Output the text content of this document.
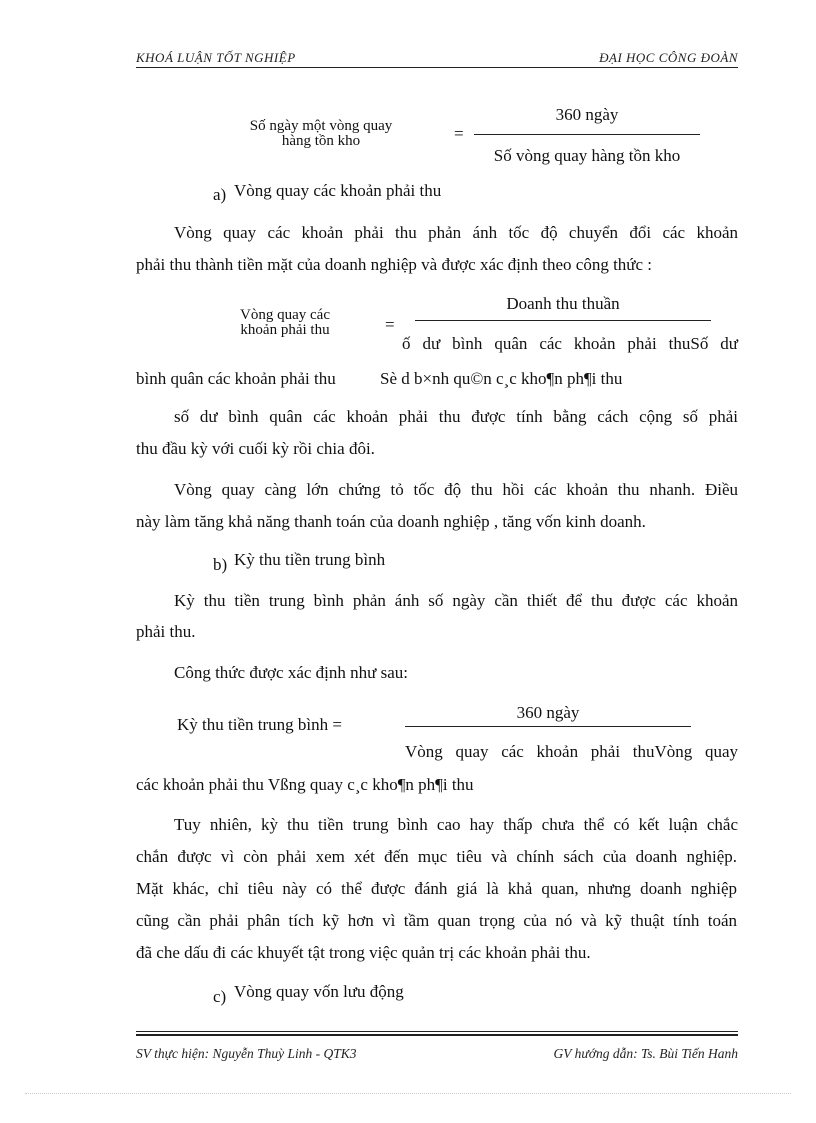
KHOÁ LUẬN TỐT NGHIỆP	ĐẠI HỌC CÔNG ĐOÀN
Số ngày một vòng quay
hàng tồn kho	=
360 ngày
Số vòng quay hàng tồn kho
a) Vòng quay các khoản phải thu
Vòng quay các khoản phải thu phản ánh tốc độ chuyển đổi các khoản
phải thu thành tiền mặt của doanh nghiệp và được xác định theo công thức :
Vòng quay các
khoản phải thu	=
Doanh thu thuần
ố dư bình quân các khoản phải thuSố dư
bình quân các khoản phải thu	Sè d b×nh qu©n c¸c kho¶n ph¶i thu
số dư bình quân các khoản phải thu được tính bằng cách cộng số phải
thu đầu kỳ với cuối kỳ rồi chia đôi.
Vòng quay càng lớn chứng tỏ tốc độ thu hồi các khoản thu nhanh. Điều
này làm tăng khả năng thanh toán của doanh nghiệp , tăng vốn kinh doanh.
b) Kỳ thu tiền trung bình
Kỳ thu tiền trung bình phản ánh số ngày cần thiết để thu được các khoản
phải thu.
Công thức được xác định như sau:
Kỳ thu tiền trung bình =
360 ngày
Vòng quay các khoản phải thuVòng quay
các khoản phải thu Vßng quay c¸c kho¶n ph¶i thu
Tuy nhiên, kỳ thu tiền trung bình cao hay thấp chưa thể có kết luận chắc
chắn được vì còn phải xem xét đến mục tiêu và chính sách của doanh nghiệp.
Mặt khác, chỉ tiêu này có thể được đánh giá là khả quan, nhưng doanh nghiệp
cũng cần phải phân tích kỹ hơn vì tầm quan trọng của nó và kỹ thuật tính toán
đã che dấu đi các khuyết tật trong việc quản trị các khoản phải thu.
c) Vòng quay vốn lưu động
SV thực hiện: Nguyễn Thuỳ Linh - QTK3	GV hướng dẫn: Ts. Bùi Tiến Hanh
